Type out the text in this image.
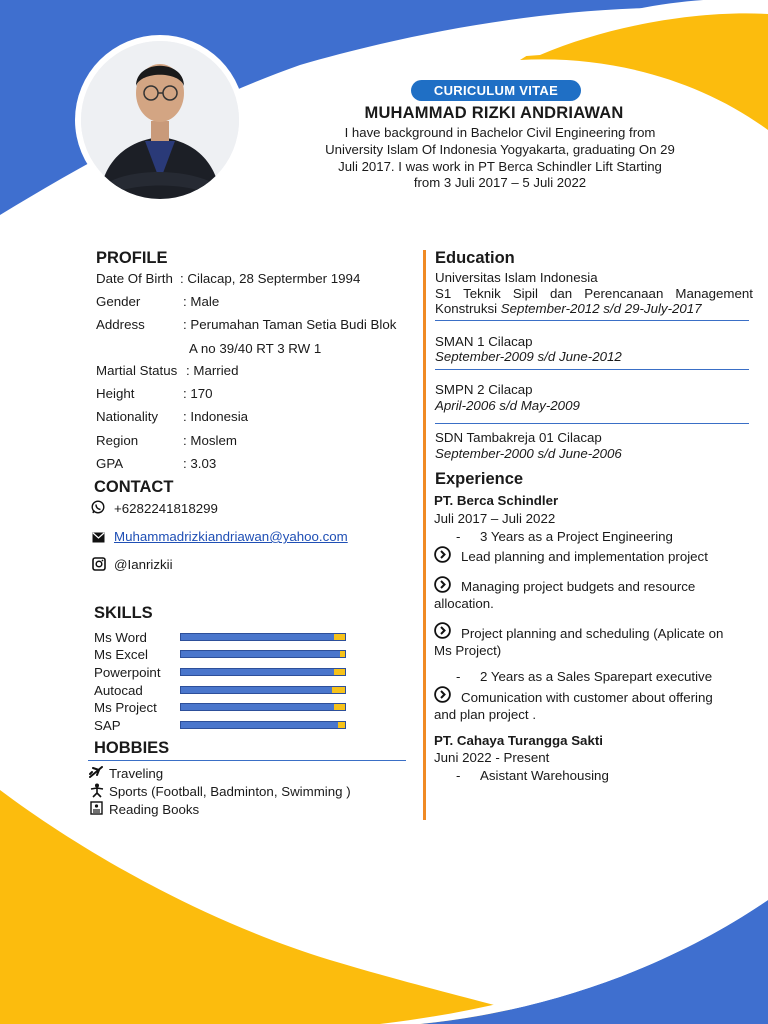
CURICULUM VITAE
MUHAMMAD RIZKI ANDRIAWAN
I have background in Bachelor Civil Engineering from
University Islam Of Indonesia Yogyakarta, graduating On 29
Juli 2017. I was work in PT Berca Schindler Lift Starting
from 3 Juli 2017 – 5 Juli 2022
PROFILE
Date Of Birth : Cilacap, 28 Septermber 1994
Gender	: Male
Address	: Perumahan Taman Setia Budi Blok
A no 39/40 RT 3 RW 1
Martial Status : Married
Height	: 170
Nationality : Indonesia
Region	: Moslem
GPA	: 3.03
CONTACT
+6282241818299
Muhammadrizkiandriawan@yahoo.com
@Ianrizkii
SKILLS
Ms Word
Ms Excel
Powerpoint
Autocad
Ms Project
SAP
HOBBIES
Traveling
Sports (Football, Badminton, Swimming )
Reading Books
Education
Universitas Islam Indonesia
S1 Teknik Sipil dan Perencanaan Management
Konstruksi September-2012 s/d 29-July-2017
SMAN 1 Cilacap
September-2009 s/d June-2012
SMPN 2 Cilacap
April-2006 s/d May-2009
SDN Tambakreja 01 Cilacap
September-2000 s/d June-2006
Experience
PT. Berca Schindler
Juli 2017 – Juli 2022
- 3 Years as a Project Engineering
Lead planning and implementation project
Managing project budgets and resource
allocation.
Project planning and scheduling (Aplicate on
Ms Project)
- 2 Years as a Sales Sparepart executive
Comunication with customer about offering
and plan project .
PT. Cahaya Turangga Sakti
Juni 2022 - Present
- Asistant Warehousing
